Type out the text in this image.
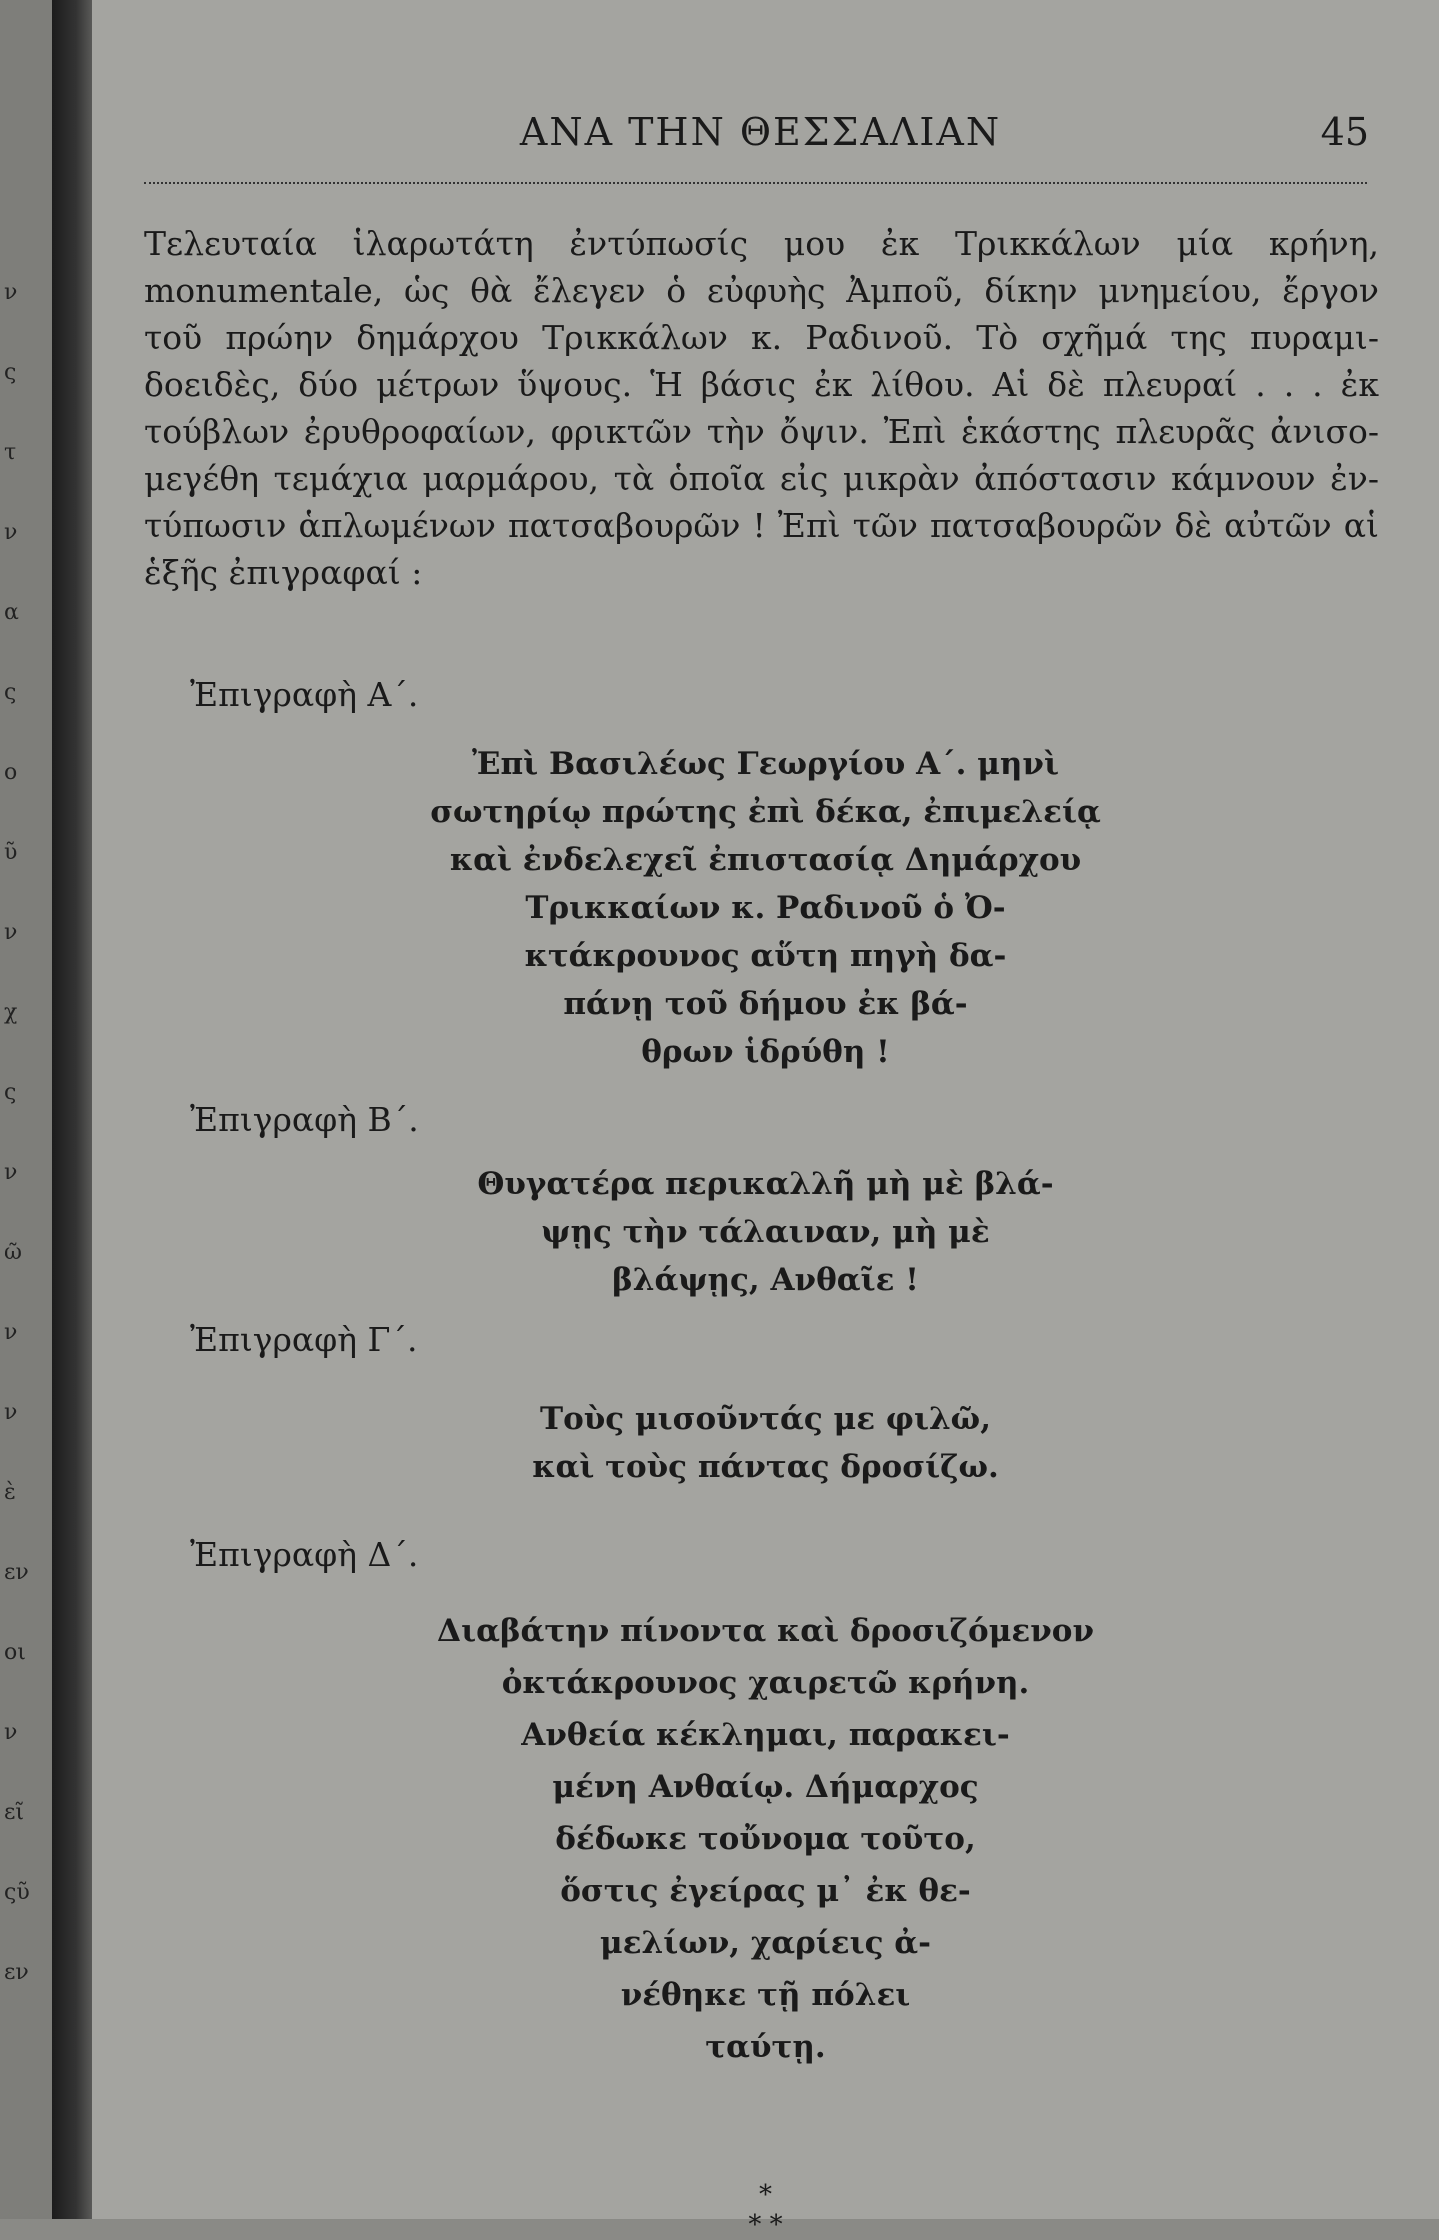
ν
ς
τ
ν
α
ς
ο
ῦ
ν
χ
ς
ν
ῶ
ν
ν
ὲ
εν
οι
ν
εῖ
ςῦ
εν
ΑΝΑ ΤΗΝ ΘΕΣΣΑΛΙΑΝ	45
Τελευταία ἱλαρωτάτη ἐντύπωσίς μου ἐκ Τρικκάλων μία κρήνη,
monumentale, ὡς θὰ ἔλεγεν ὁ εὐφυὴς Ἀμποῦ, δίκην μνημείου, ἔργον
τοῦ πρώην δημάρχου Τρικκάλων κ. Ραδινοῦ. Τὸ σχῆμά της πυραμι-
δοειδὲς, δύο μέτρων ὕψους. Ἡ βάσις ἐκ λίθου. Αἱ δὲ πλευραί . . . ἐκ
τούβλων ἐρυθροφαίων, φρικτῶν τὴν ὄψιν. Ἐπὶ ἑκάστης πλευρᾶς ἀνισο-
μεγέθη τεμάχια μαρμάρου, τὰ ὁποῖα εἰς μικρὰν ἀπόστασιν κάμνουν ἐν-
τύπωσιν ἁπλωμένων πατσαβουρῶν ! Ἐπὶ τῶν πατσαβουρῶν δὲ αὐτῶν αἱ
ἑξῆς ἐπιγραφαί :
Ἐπιγραφὴ Α΄.
Ἐπὶ Βασιλέως Γεωργίου Α΄. μηνὶ
σωτηρίῳ πρώτης ἐπὶ δέκα, ἐπιμελείᾳ
καὶ ἐνδελεχεῖ ἐπιστασίᾳ Δημάρχου
Τρικκαίων κ. Ραδινοῦ ὁ Ὀ-
κτάκρουνος αὕτη πηγὴ δα-
πάνῃ τοῦ δήμου ἐκ βά-
θρων ἱδρύθη !
Ἐπιγραφὴ Β΄.
Θυγατέρα περικαλλῆ μὴ μὲ βλά-
ψῃς τὴν τάλαιναν, μὴ μὲ
βλάψῃς, Ανθαῖε !
Ἐπιγραφὴ Γ΄.
Τοὺς μισοῦντάς με φιλῶ,
καὶ τοὺς πάντας δροσίζω.
Ἐπιγραφὴ Δ΄.
Διαβάτην πίνοντα καὶ δροσιζόμενον
ὀκτάκρουνος χαιρετῶ κρήνη.
Ανθεία κέκλημαι, παρακει-
μένη Ανθαίῳ. Δήμαρχος
δέδωκε τοὔνομα τοῦτο,
ὅστις ἐγείρας μ᾽ ἐκ θε-
μελίων, χαρίεις ἀ-
νέθηκε τῇ πόλει
ταύτῃ.
*
* *
